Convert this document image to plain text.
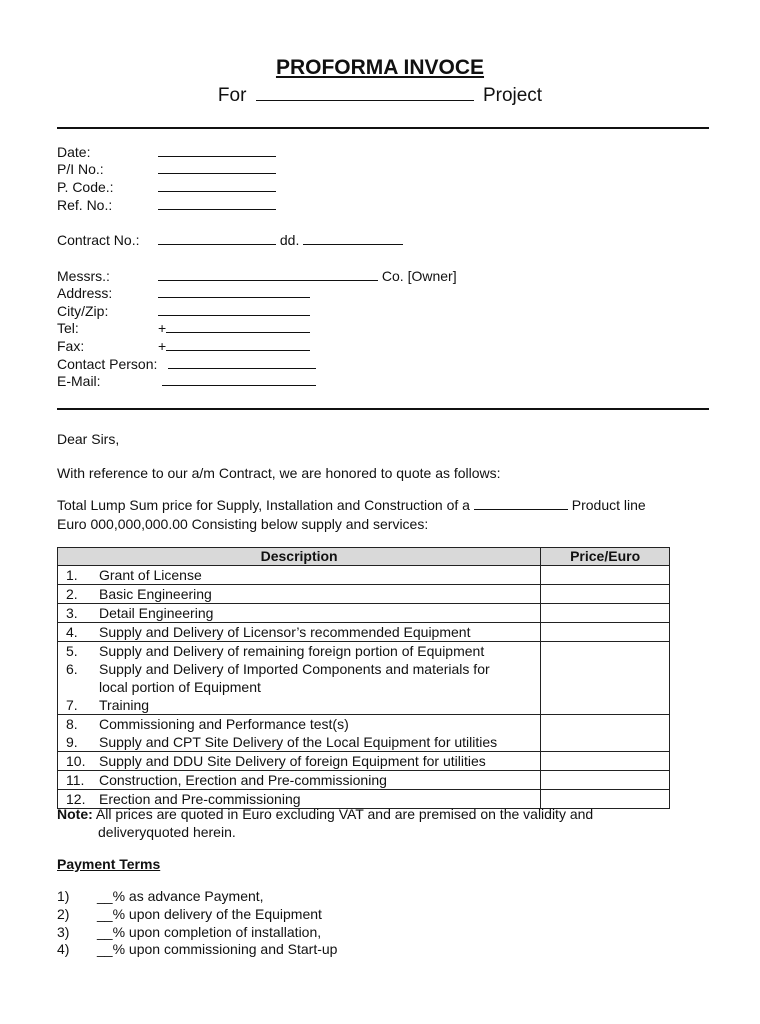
PROFORMA INVOCE
For	Project
Date:
P/I No.:
P. Code.:
Ref. No.:
Contract No.:	dd.
Messrs.:	Co. [Owner]
Address:
City/Zip:
Tel:	+
Fax:	+
Contact Person:
E-Mail:
Dear Sirs,
With reference to our a/m Contract, we are honored to quote as follows:
Total Lump Sum price for Supply, Installation and Construction of a	Product line
Euro 000,000,000.00 Consisting below supply and services:
Description	Price/Euro

1. Grant of License	

2. Basic Engineering	

3. Detail Engineering	

4. Supply and Delivery of Licensor’s recommended Equipment	

5. Supply and Delivery of remaining foreign portion of Equipment
6. Supply and Delivery of Imported Components and materials for
local portion of Equipment
7. Training	

8. Commissioning and Performance test(s)
9. Supply and CPT Site Delivery of the Local Equipment for utilities	

10. Supply and DDU Site Delivery of foreign Equipment for utilities	

11. Construction, Erection and Pre-commissioning	

12. Erection and Pre-commissioning	

Note: All prices are quoted in Euro excluding VAT and are premised on the validity and
deliveryquoted herein.
Payment Terms
1) __% as advance Payment,
2) __% upon delivery of the Equipment
3) __% upon completion of installation,
4) __% upon commissioning and Start-up
